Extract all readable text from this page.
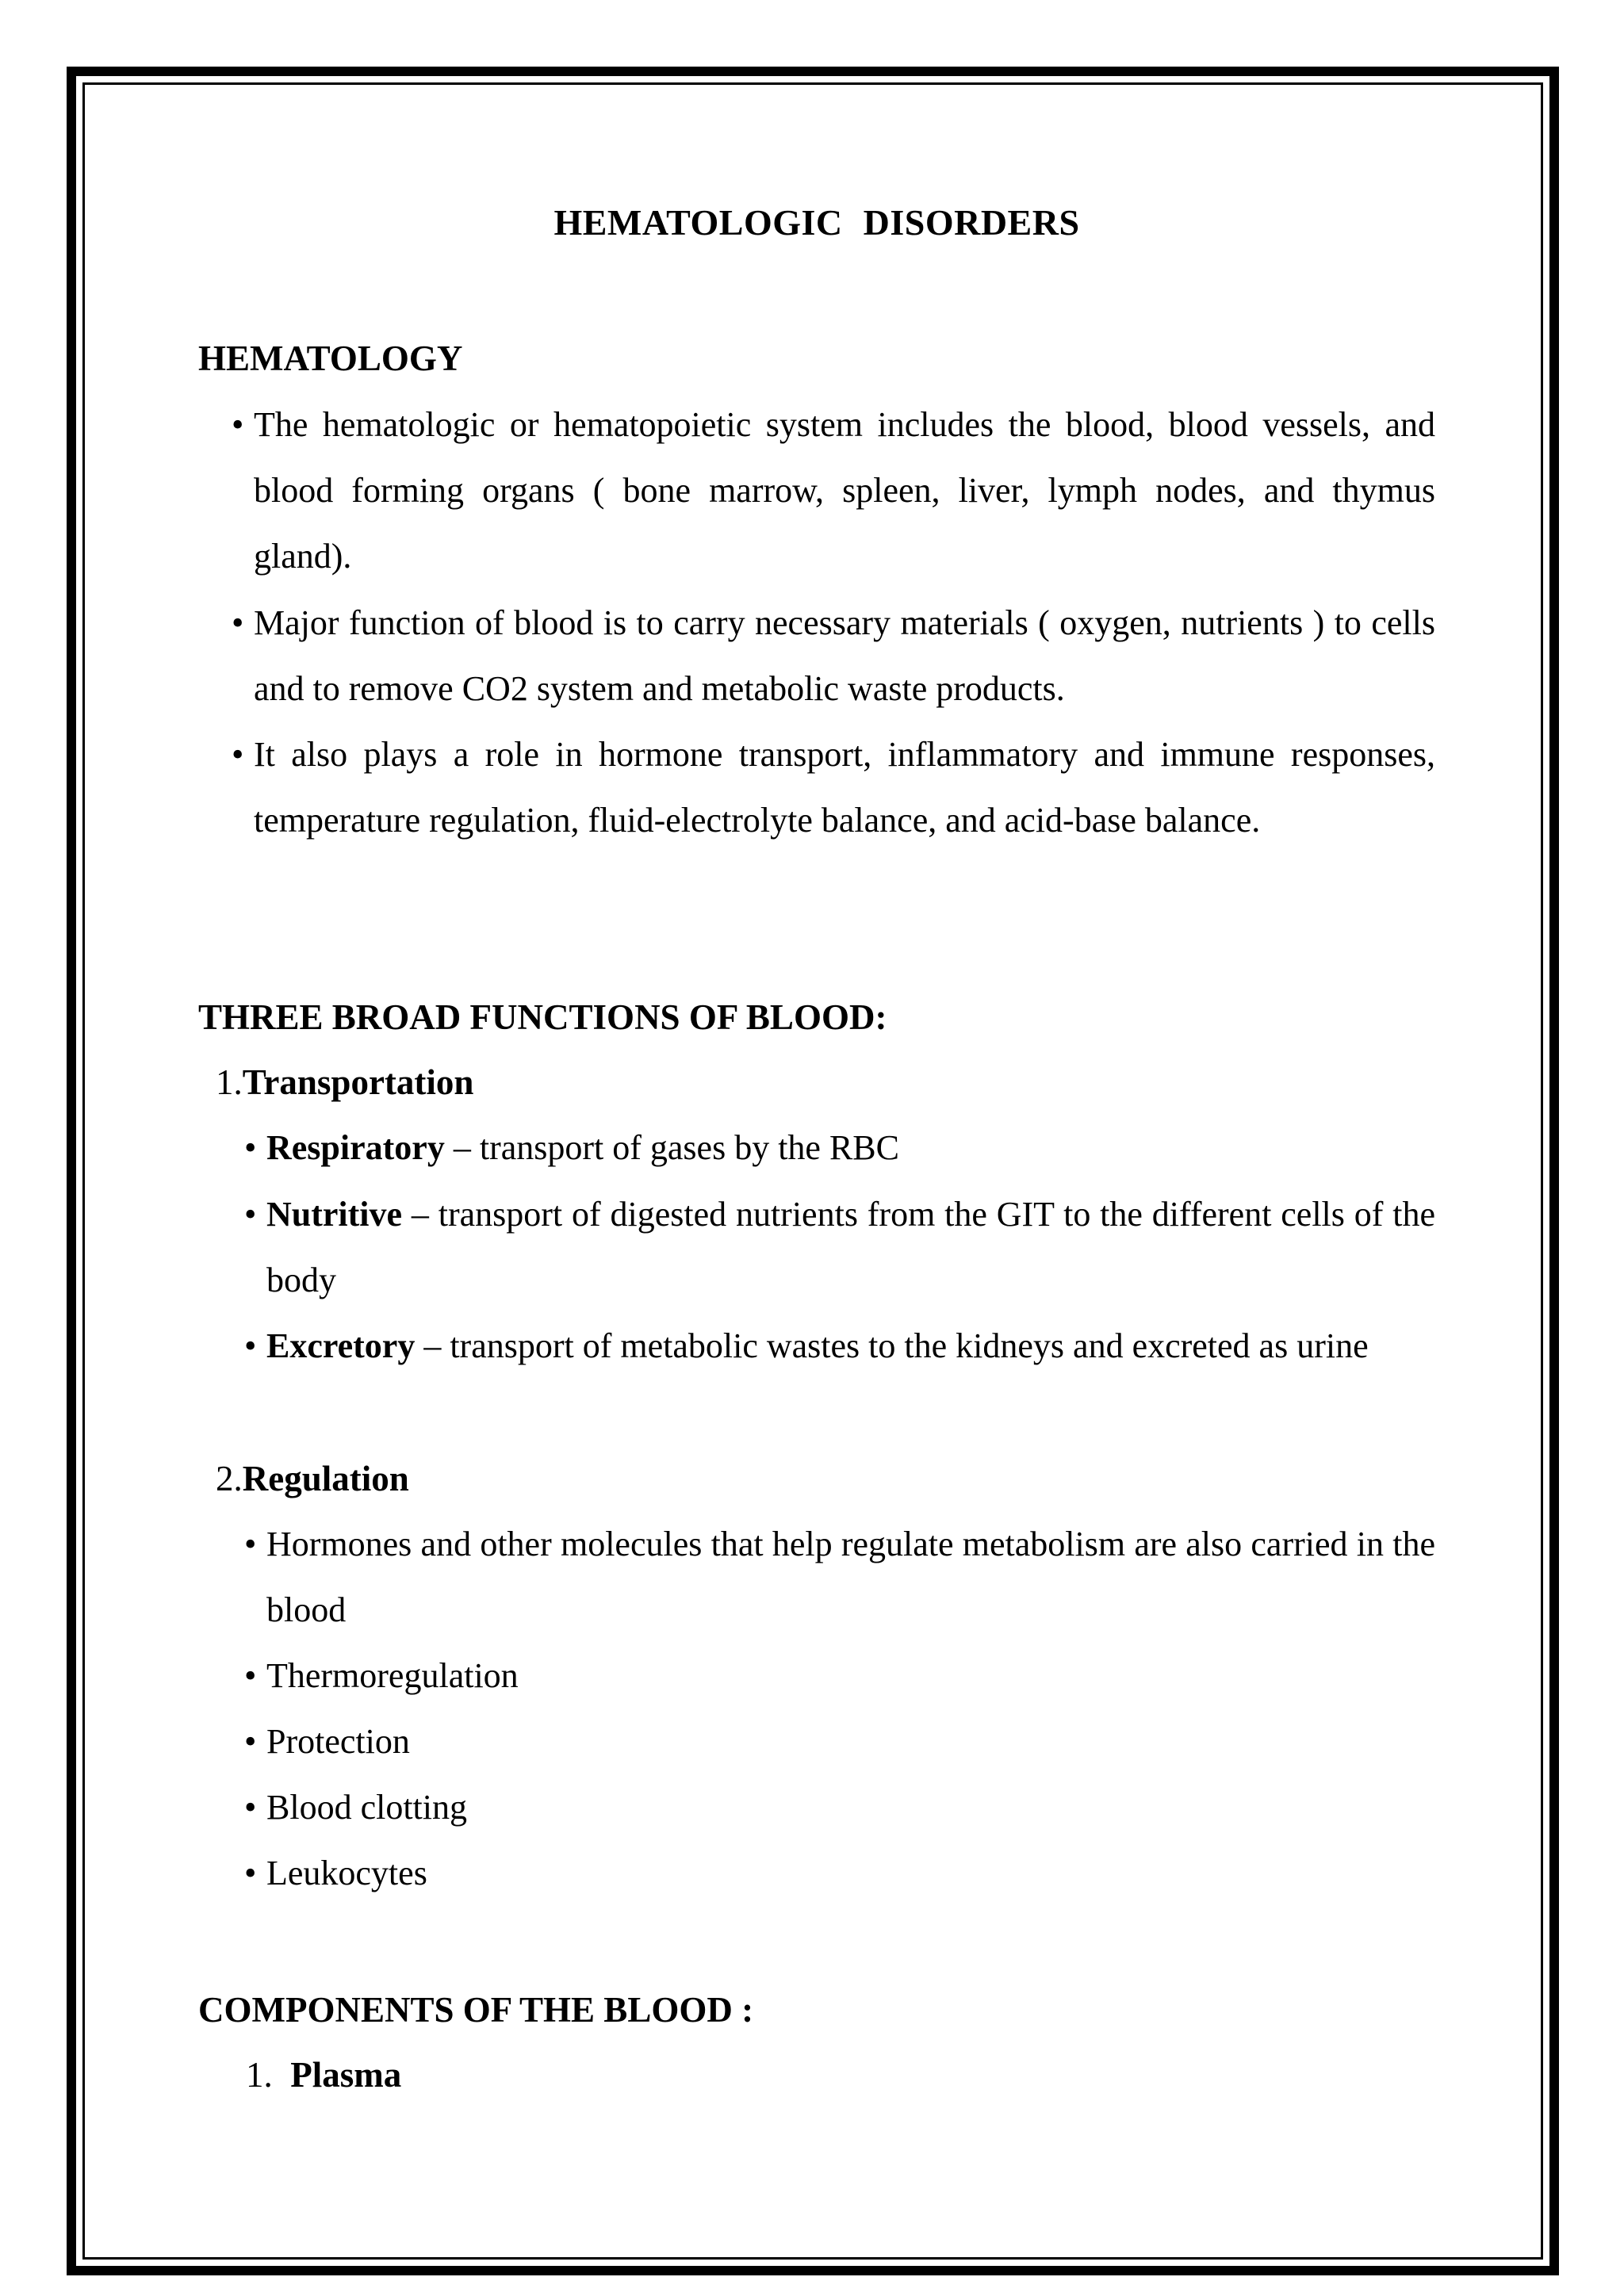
HEMATOLOGIC DISORDERS
HEMATOLOGY
• The hematologic or hematopoietic system includes the blood, blood vessels, and blood forming organs ( bone marrow, spleen, liver, lymph nodes, and thymus gland).
• Major function of blood is to carry necessary materials ( oxygen, nutrients ) to cells and to remove CO2 system and metabolic waste products.
• It also plays a role in hormone transport, inflammatory and immune responses, temperature regulation, fluid-electrolyte balance, and acid-base balance.
THREE BROAD FUNCTIONS OF BLOOD:
1.Transportation
• Respiratory – transport of gases by the RBC
• Nutritive – transport of digested nutrients from the GIT to the different cells of the body
• Excretory – transport of metabolic wastes to the kidneys and excreted as urine
2.Regulation
• Hormones and other molecules that help regulate metabolism are also carried in the blood
• Thermoregulation
• Protection
• Blood clotting
• Leukocytes
COMPONENTS OF THE BLOOD :
1. Plasma
